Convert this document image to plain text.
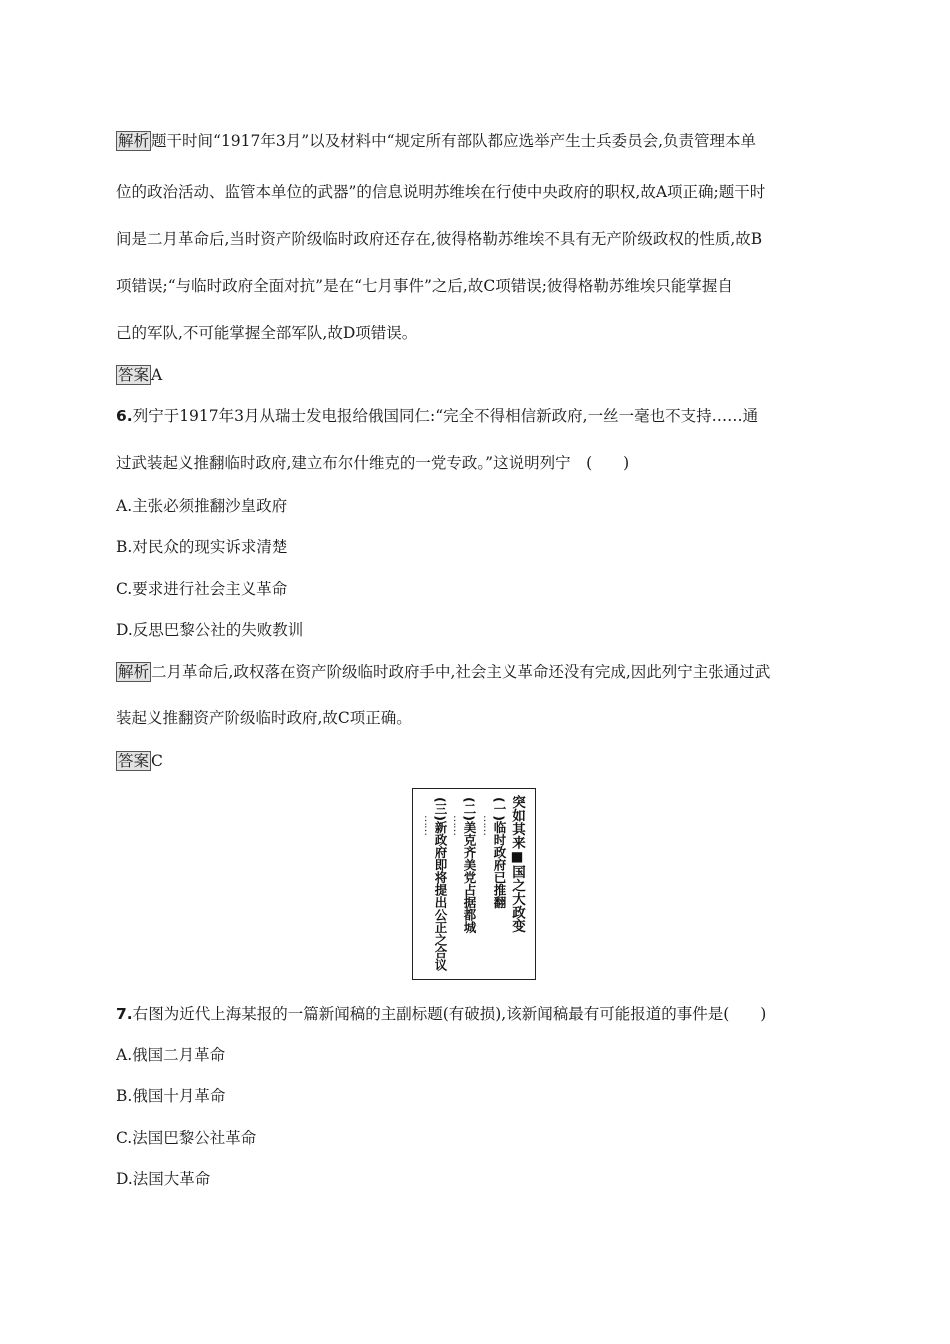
解析 题干时间“1917年3月”以及材料中“规定所有部队都应选举产生士兵委员会,负责管理本单

位的政治活动、监管本单位的武器”的信息说明苏维埃在行使中央政府的职权,故A项正确;题干时

间是二月革命后,当时资产阶级临时政府还存在,彼得格勒苏维埃不具有无产阶级政权的性质,故B

项错误;“与临时政府全面对抗”是在“七月事件”之后,故C项错误;彼得格勒苏维埃只能掌握自

己的军队,不可能掌握全部军队,故D项错误。

答案 A

6.列宁于1917年3月从瑞士发电报给俄国同仁:“完全不得相信新政府,一丝一毫也不支持……通

过武装起义推翻临时政府,建立布尔什维克的一党专政。”这说明列宁　(　　)

A.主张必须推翻沙皇政府

B.对民众的现实诉求清楚

C.要求进行社会主义革命

D.反思巴黎公社的失败教训

解析 二月革命后,政权落在资产阶级临时政府手中,社会主义革命还没有完成,因此列宁主张通过武

装起义推翻资产阶级临时政府,故C项正确。

答案 C

突如其来■国之大政变
(一)临时政府已推翻
……
(二)美克齐美党占据都城
……
(三)新政府即将提出公正之合议
……

7.右图为近代上海某报的一篇新闻稿的主副标题(有破损),该新闻稿最有可能报道的事件是(　　)

A.俄国二月革命

B.俄国十月革命

C.法国巴黎公社革命

D.法国大革命
